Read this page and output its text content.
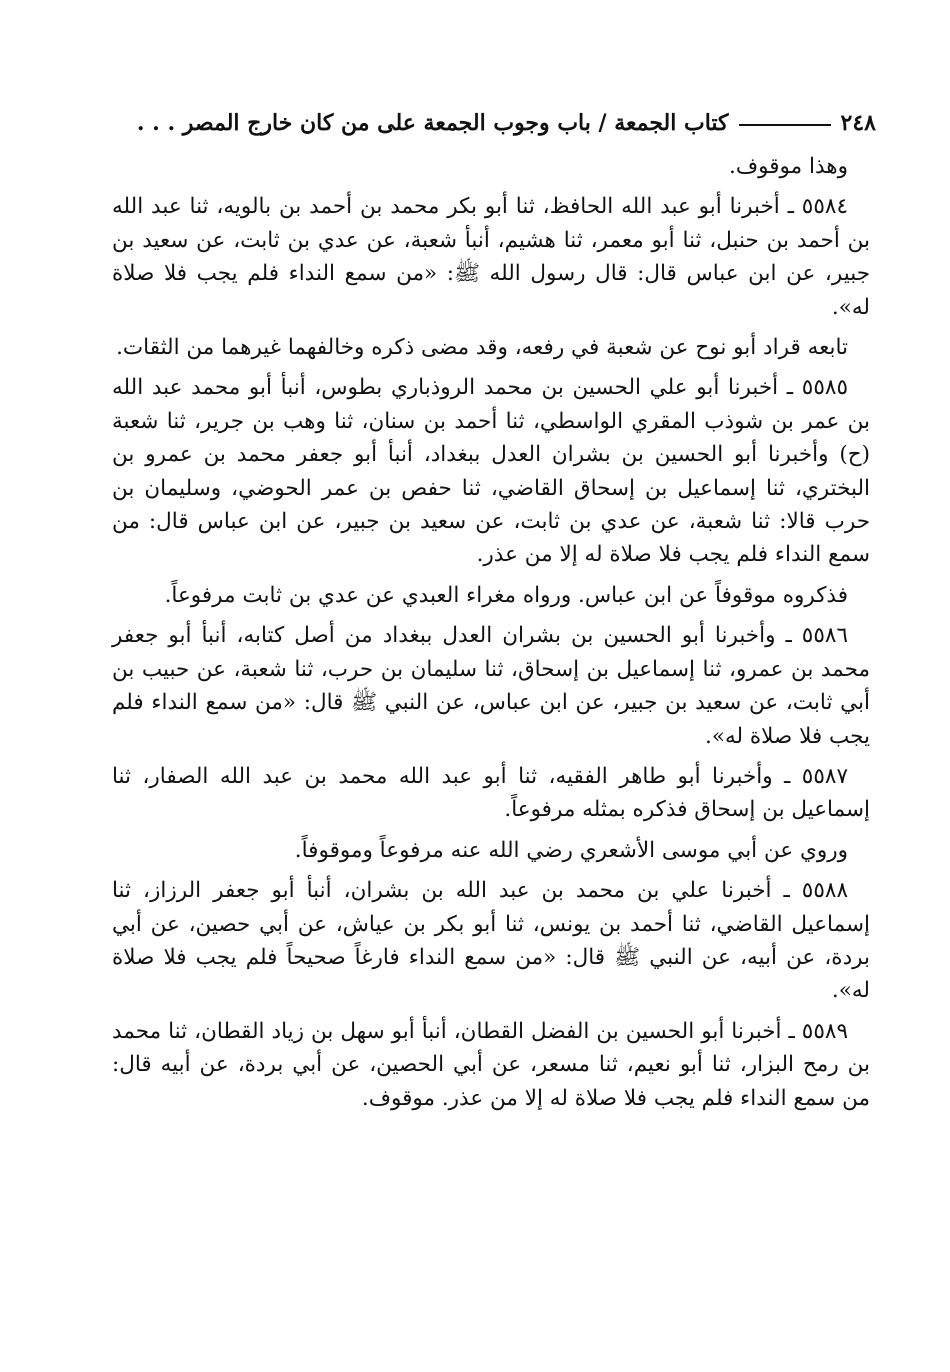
٢٤٨
كتاب الجمعة / باب وجوب الجمعة على من كان خارج المصر . . .

وهذا موقوف.

٥٥٨٤ ـ أخبرنا أبو عبد الله الحافظ، ثنا أبو بكر محمد بن أحمد بن بالويه، ثنا عبد الله بن أحمد بن حنبل، ثنا أبو معمر، ثنا هشيم، أنبأ شعبة، عن عدي بن ثابت، عن سعيد بن جبير، عن ابن عباس قال: قال رسول الله ﷺ: «من سمع النداء فلم يجب فلا صلاة له».

تابعه قراد أبو نوح عن شعبة في رفعه، وقد مضى ذكره وخالفهما غيرهما من الثقات.

٥٥٨٥ ـ أخبرنا أبو علي الحسين بن محمد الروذباري بطوس، أنبأ أبو محمد عبد الله بن عمر بن شوذب المقري الواسطي، ثنا أحمد بن سنان، ثنا وهب بن جرير، ثنا شعبة (ح) وأخبرنا أبو الحسين بن بشران العدل ببغداد، أنبأ أبو جعفر محمد بن عمرو بن البختري، ثنا إسماعيل بن إسحاق القاضي، ثنا حفص بن عمر الحوضي، وسليمان بن حرب قالا: ثنا شعبة، عن عدي بن ثابت، عن سعيد بن جبير، عن ابن عباس قال: من سمع النداء فلم يجب فلا صلاة له إلا من عذر.

فذكروه موقوفاً عن ابن عباس. ورواه مغراء العبدي عن عدي بن ثابت مرفوعاً.

٥٥٨٦ ـ وأخبرنا أبو الحسين بن بشران العدل ببغداد من أصل كتابه، أنبأ أبو جعفر محمد بن عمرو، ثنا إسماعيل بن إسحاق، ثنا سليمان بن حرب، ثنا شعبة، عن حبيب بن أبي ثابت، عن سعيد بن جبير، عن ابن عباس، عن النبي ﷺ قال: «من سمع النداء فلم يجب فلا صلاة له».

٥٥٨٧ ـ وأخبرنا أبو طاهر الفقيه، ثنا أبو عبد الله محمد بن عبد الله الصفار، ثنا إسماعيل بن إسحاق فذكره بمثله مرفوعاً.

وروي عن أبي موسى الأشعري رضي الله عنه مرفوعاً وموقوفاً.

٥٥٨٨ ـ أخبرنا علي بن محمد بن عبد الله بن بشران، أنبأ أبو جعفر الرزاز، ثنا إسماعيل القاضي، ثنا أحمد بن يونس، ثنا أبو بكر بن عياش، عن أبي حصين، عن أبي بردة، عن أبيه، عن النبي ﷺ قال: «من سمع النداء فارغاً صحيحاً فلم يجب فلا صلاة له».

٥٥٨٩ ـ أخبرنا أبو الحسين بن الفضل القطان، أنبأ أبو سهل بن زياد القطان، ثنا محمد بن رمح البزار، ثنا أبو نعيم، ثنا مسعر، عن أبي الحصين، عن أبي بردة، عن أبيه قال: من سمع النداء فلم يجب فلا صلاة له إلا من عذر. موقوف.
